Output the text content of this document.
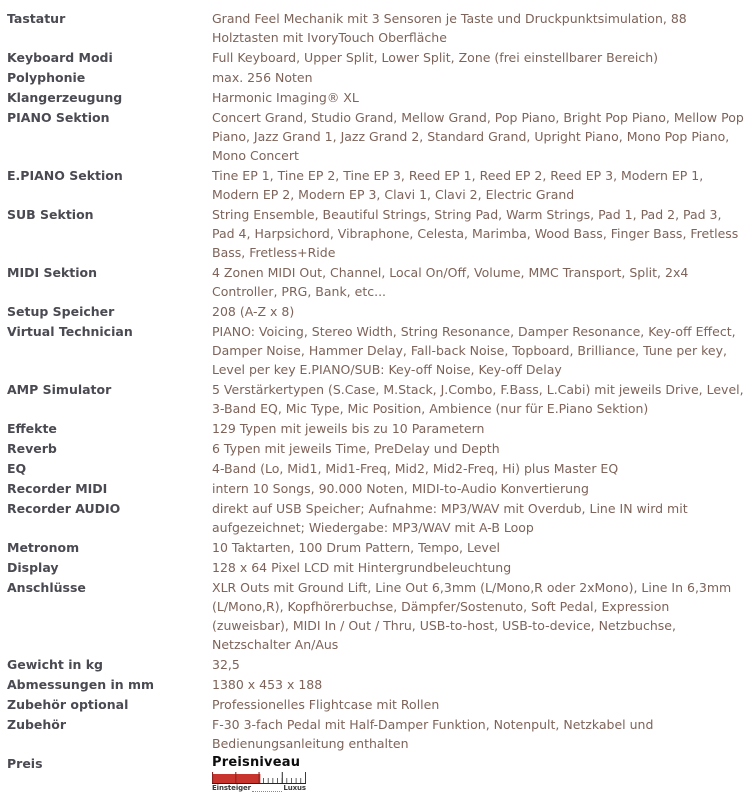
Tastatur	Grand Feel Mechanik mit 3 Sensoren je Taste und Druckpunktsimulation, 88 Holztasten mit IvoryTouch Oberfläche
Keyboard Modi	Full Keyboard, Upper Split, Lower Split, Zone (frei einstellbarer Bereich)
Polyphonie	max. 256 Noten
Klangerzeugung	Harmonic Imaging® XL
PIANO Sektion	Concert Grand, Studio Grand, Mellow Grand, Pop Piano, Bright Pop Piano, Mellow Pop Piano, Jazz Grand 1, Jazz Grand 2, Standard Grand, Upright Piano, Mono Pop Piano, Mono Concert
E.PIANO Sektion	Tine EP 1, Tine EP 2, Tine EP 3, Reed EP 1, Reed EP 2, Reed EP 3, Modern EP 1, Modern EP 2, Modern EP 3, Clavi 1, Clavi 2, Electric Grand
SUB Sektion	String Ensemble, Beautiful Strings, String Pad, Warm Strings, Pad 1, Pad 2, Pad 3, Pad 4, Harpsichord, Vibraphone, Celesta, Marimba, Wood Bass, Finger Bass, Fretless Bass, Fretless+Ride
MIDI Sektion	4 Zonen MIDI Out, Channel, Local On/Off, Volume, MMC Transport, Split, 2x4 Controller, PRG, Bank, etc...
Setup Speicher	208 (A-Z x 8)
Virtual Technician	PIANO: Voicing, Stereo Width, String Resonance, Damper Resonance, Key-off Effect, Damper Noise, Hammer Delay, Fall-back Noise, Topboard, Brilliance, Tune per key, Level per key E.PIANO/SUB: Key-off Noise, Key-off Delay
AMP Simulator	5 Verstärkertypen (S.Case, M.Stack, J.Combo, F.Bass, L.Cabi) mit jeweils Drive, Level, 3-Band EQ, Mic Type, Mic Position, Ambience (nur für E.Piano Sektion)
Effekte	129 Typen mit jeweils bis zu 10 Parametern
Reverb	6 Typen mit jeweils Time, PreDelay und Depth
EQ	4-Band (Lo, Mid1, Mid1-Freq, Mid2, Mid2-Freq, Hi) plus Master EQ
Recorder MIDI	intern 10 Songs, 90.000 Noten, MIDI-to-Audio Konvertierung
Recorder AUDIO	direkt auf USB Speicher; Aufnahme: MP3/WAV mit Overdub, Line IN wird mit aufgezeichnet; Wiedergabe: MP3/WAV mit A-B Loop
Metronom	10 Taktarten, 100 Drum Pattern, Tempo, Level
Display	128 x 64 Pixel LCD mit Hintergrundbeleuchtung
Anschlüsse	XLR Outs mit Ground Lift, Line Out 6,3mm (L/Mono,R oder 2xMono), Line In 6,3mm (L/Mono,R), Kopfhörerbuchse, Dämpfer/Sostenuto, Soft Pedal, Expression (zuweisbar), MIDI In / Out / Thru, USB-to-host, USB-to-device, Netzbuchse, Netzschalter An/Aus
Gewicht in kg	32,5
Abmessungen in mm	1380 x 453 x 188
Zubehör optional	Professionelles Flightcase mit Rollen
Zubehör	F-30 3-fach Pedal mit Half-Damper Funktion, Notenpult, Netzkabel und Bedienungsanleitung enthalten
Preis	Preisniveau
Einsteiger	Luxus
